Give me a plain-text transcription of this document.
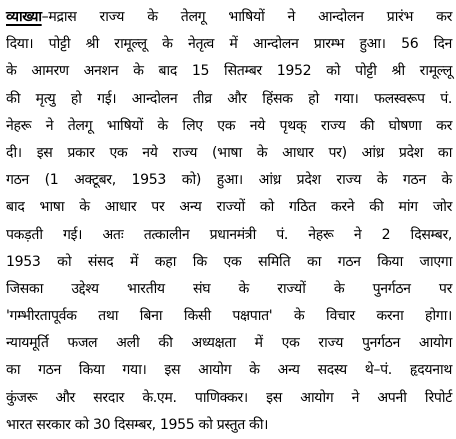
व्याख्या–मद्रास राज्य के तेलगू भाषियों ने आन्दोलन प्रारंभ कर
दिया। पोट्टी श्री रामूल्लू के नेतृत्व में आन्दोलन प्रारम्भ हुआ। 56 दिन
के आमरण अनशन के बाद 15 सितम्बर 1952 को पोट्टी श्री रामूल्लू
की मृत्यु हो गई। आन्दोलन तीव्र और हिंसक हो गया। फलस्वरूप पं.
नेहरू ने तेलगू भाषियों के लिए एक नये पृथक् राज्य की घोषणा कर
दी। इस प्रकार एक नये राज्य (भाषा के आधार पर) आंध्र प्रदेश का
गठन (1 अक्टूबर, 1953 को) हुआ। आंध्र प्रदेश राज्य के गठन के
बाद भाषा के आधार पर अन्य राज्यों को गठित करने की मांग जोर
पकड़ती गई। अतः तत्कालीन प्रधानमंत्री पं. नेहरू ने 2 दिसम्बर,
1953 को संसद में कहा कि एक समिति का गठन किया जाएगा
जिसका उद्देश्य भारतीय संघ के राज्यों के पुनर्गठन पर
'गम्भीरतापूर्वक तथा बिना किसी पक्षपात' के विचार करना होगा।
न्यायमूर्ति फजल अली की अध्यक्षता में एक राज्य पुनर्गठन आयोग
का गठन किया गया। इस आयोग के अन्य सदस्य थे–पं. हृदयनाथ
कुंजरू और सरदार के.एम. पाणिक्कर। इस आयोग ने अपनी रिपोर्ट
भारत सरकार को 30 दिसम्बर, 1955 को प्रस्तुत की।
